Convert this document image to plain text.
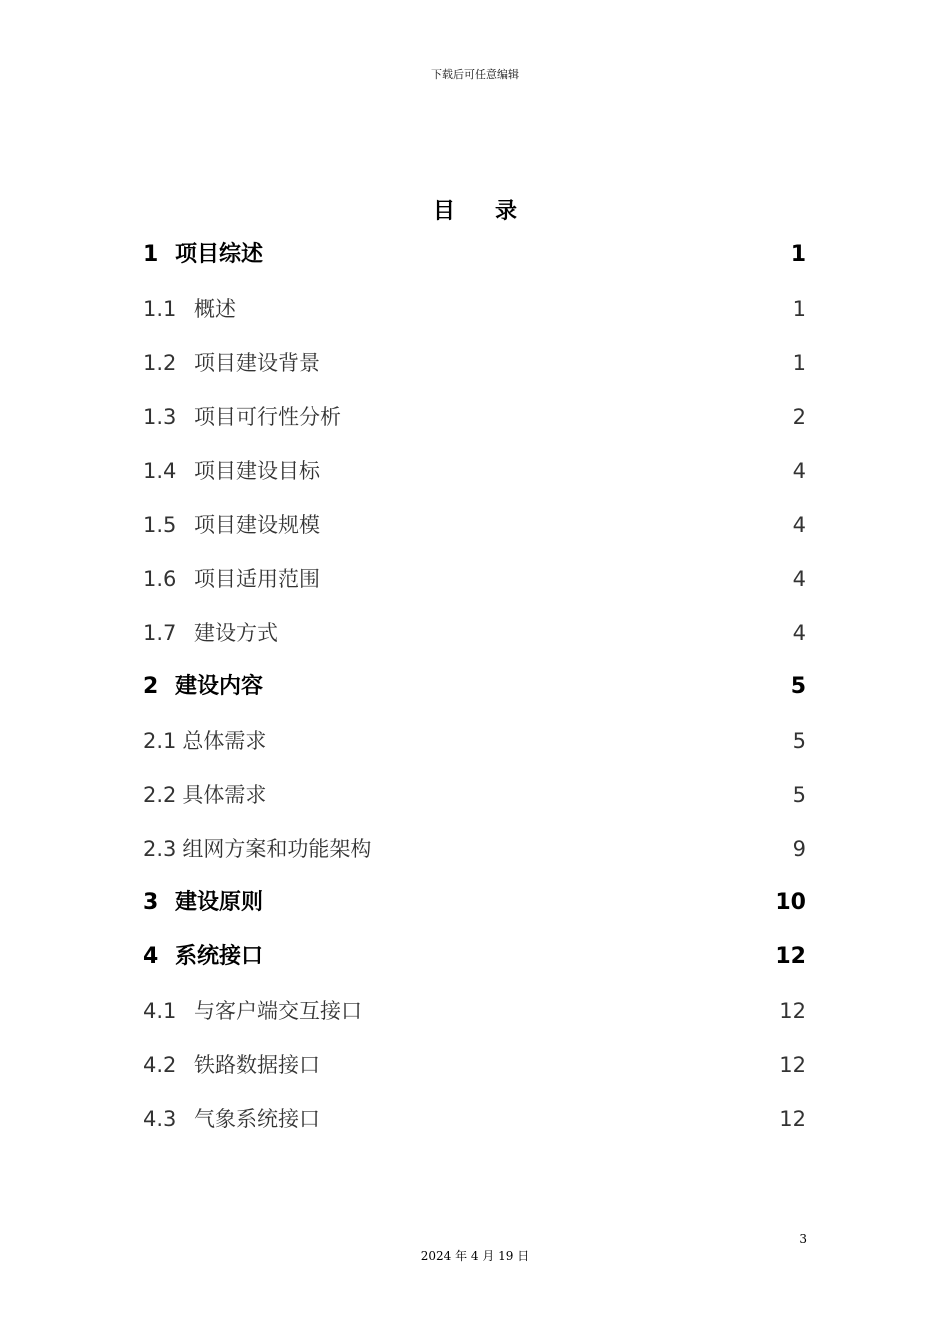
下载后可任意编辑
目录
1 项目综述	1
1.1 概述	1
1.2 项目建设背景	1
1.3 项目可行性分析	2
1.4 项目建设目标	4
1.5 项目建设规模	4
1.6 项目适用范围	4
1.7 建设方式	4
2 建设内容	5
2.1 总体需求	5
2.2 具体需求	5
2.3 组网方案和功能架构	9
3 建设原则	10
4 系统接口	12
4.1 与客户端交互接口	12
4.2 铁路数据接口	12
4.3 气象系统接口	12
3
2024 年 4 月 19 日
